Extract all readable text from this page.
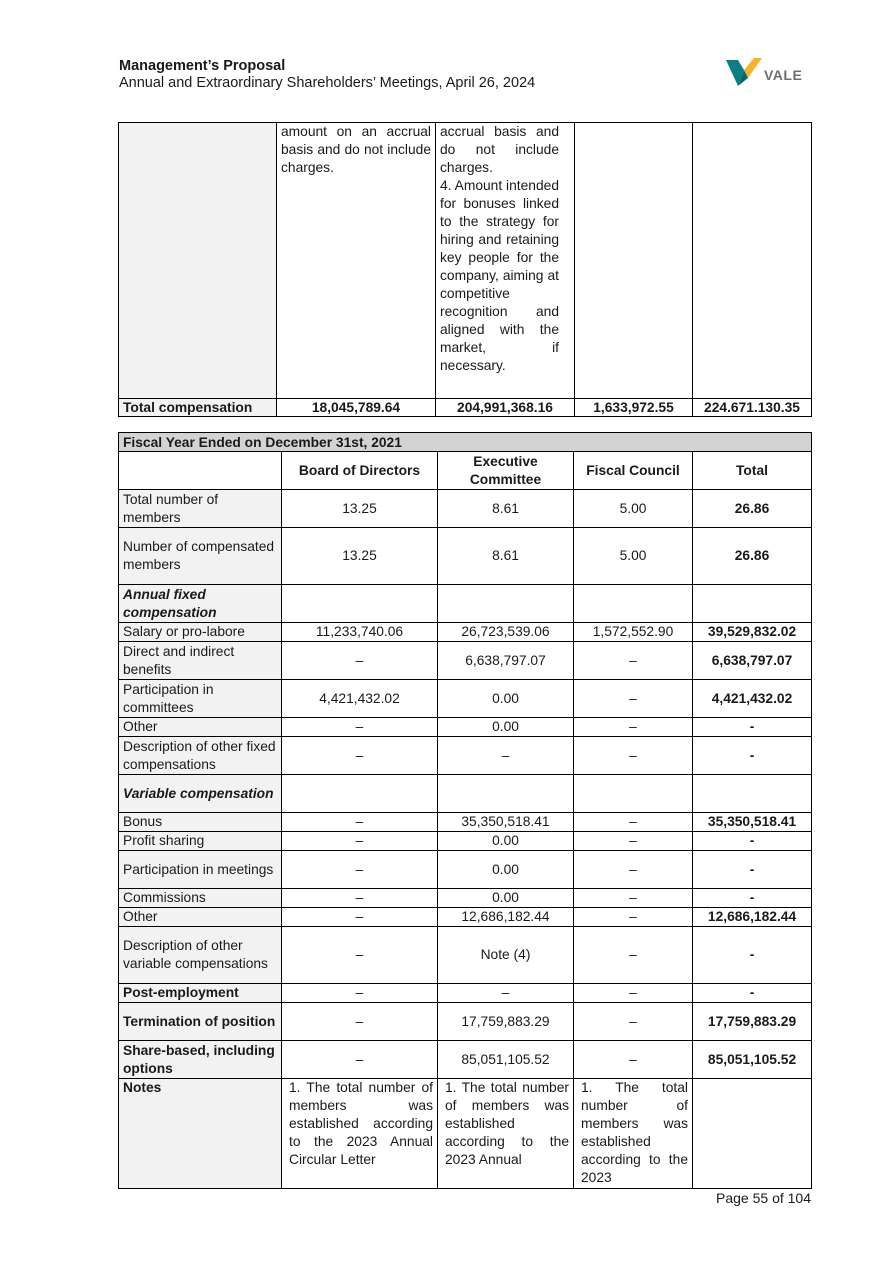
Management’s Proposal
Annual and Extraordinary Shareholders’ Meetings, April 26, 2024	VALE
	amount on an accrual basis and do not include charges.	accrual basis and do not include charges.
4. Amount intended for bonuses linked to the strategy for hiring and retaining key people for the company, aiming at competitive recognition and aligned with the market, if necessary.		

Total compensation	18,045,789.64	204,991,368.16	1,633,972.55	224.671.130.35
Fiscal Year Ended on December 31st, 2021				
	Board of Directors	Executive Committee	Fiscal Council	Total
Total number of members	13.25	8.61	5.00	26.86
Number of compensated members	13.25	8.61	5.00	26.86
Annual fixed compensation				
Salary or pro-labore	11,233,740.06	26,723,539.06	1,572,552.90	39,529,832.02
Direct and indirect benefits	–	6,638,797.07	–	6,638,797.07
Participation in committees	4,421,432.02	0.00	–	4,421,432.02
Other	–	0.00	–	-
Description of other fixed compensations	–	–	–	-
Variable compensation				
Bonus	–	35,350,518.41	–	35,350,518.41
Profit sharing	–	0.00	–	-
Participation in meetings	–	0.00	–	-
Commissions	–	0.00	–	-
Other	–	12,686,182.44	–	12,686,182.44
Description of other variable compensations	–	Note (4)	–	-
Post-employment	–	–	–	-
Termination of position	–	17,759,883.29	–	17,759,883.29
Share-based, including options	–	85,051,105.52	–	85,051,105.52
Notes	1. The total number of members was established according to the 2023 Annual Circular Letter	1. The total number of members was established according to the 2023 Annual	1. The total number of members was established according to the 2023	
Page 55 of 104
